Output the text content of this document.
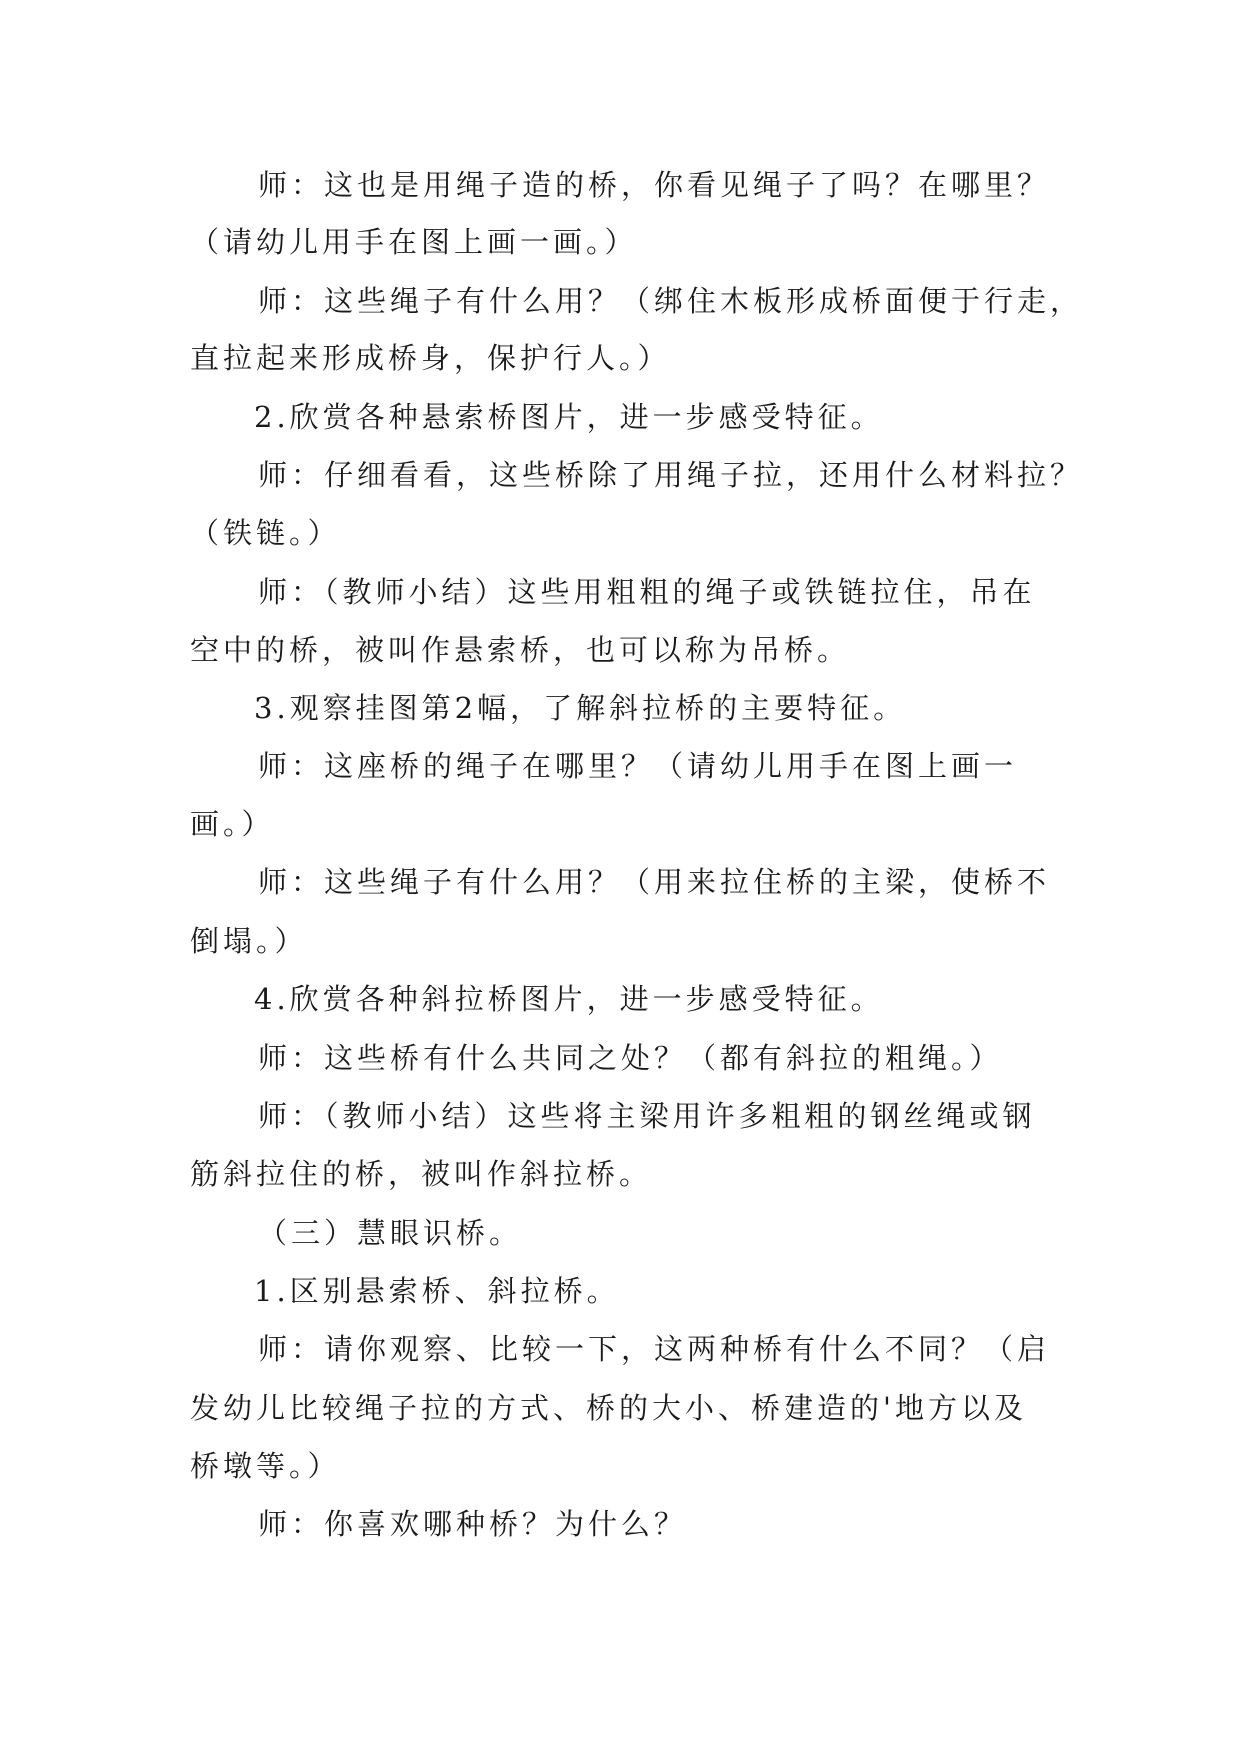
师：这也是用绳子造的桥，你看见绳子了吗？在哪里？
（请幼儿用手在图上画一画。）
师：这些绳子有什么用？（绑住木板形成桥面便于行走，
直拉起来形成桥身，保护行人。）
2.欣赏各种悬索桥图片，进一步感受特征。
师：仔细看看，这些桥除了用绳子拉，还用什么材料拉？
（铁链。）
师：（教师小结）这些用粗粗的绳子或铁链拉住，吊在
空中的桥，被叫作悬索桥，也可以称为吊桥。
3.观察挂图第2幅，了解斜拉桥的主要特征。
师：这座桥的绳子在哪里？（请幼儿用手在图上画一
画。）
师：这些绳子有什么用？（用来拉住桥的主梁，使桥不
倒塌。）
4.欣赏各种斜拉桥图片，进一步感受特征。
师：这些桥有什么共同之处？（都有斜拉的粗绳。）
师：（教师小结）这些将主梁用许多粗粗的钢丝绳或钢
筋斜拉住的桥，被叫作斜拉桥。
（三）慧眼识桥。
1.区别悬索桥、斜拉桥。
师：请你观察、比较一下，这两种桥有什么不同？（启
发幼儿比较绳子拉的方式、桥的大小、桥建造的'地方以及
桥墩等。）
师：你喜欢哪种桥？为什么？
